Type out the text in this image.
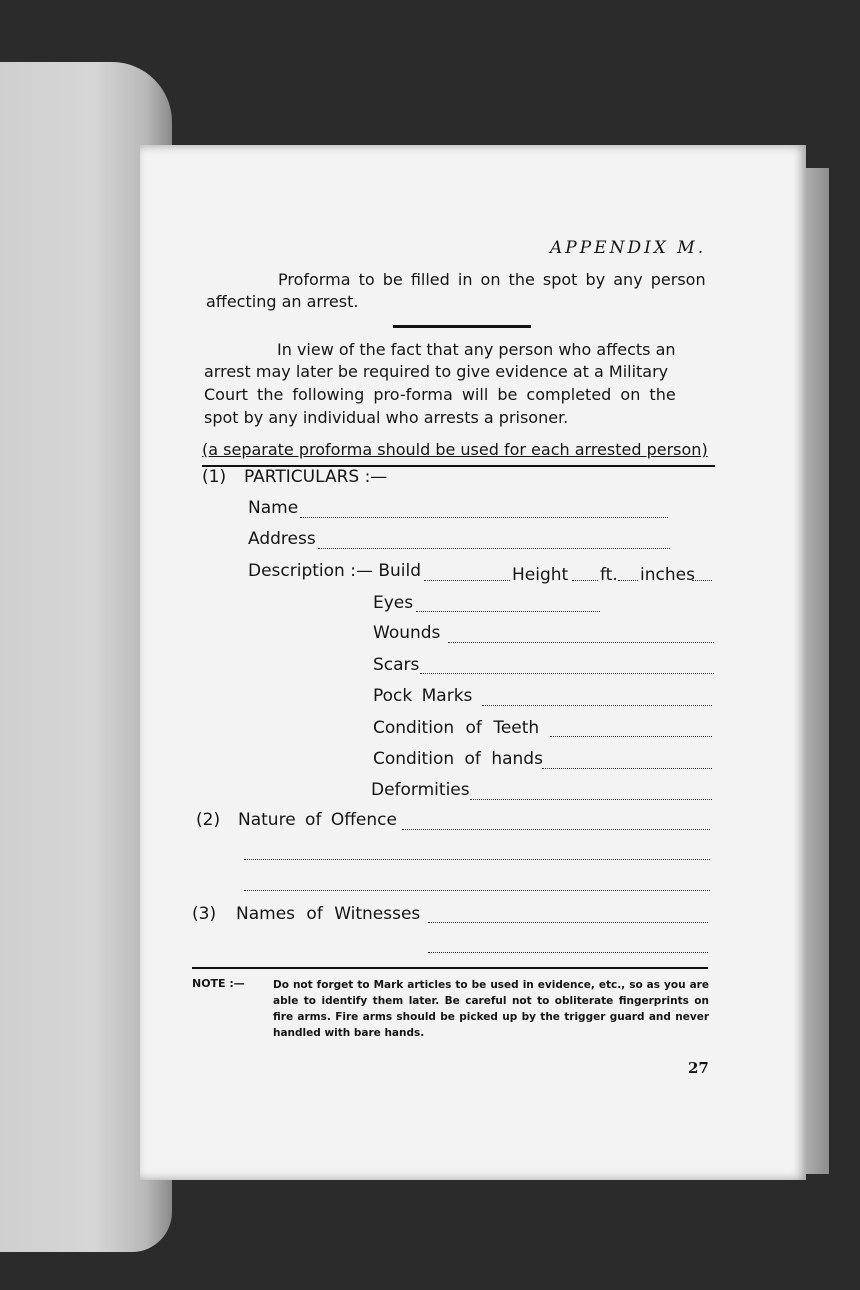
APPENDIX M.
Proforma to be filled in on the spot by any person
affecting an arrest.
In view of the fact that any person who affects an
arrest may later be required to give evidence at a Military
Court the following pro-forma will be completed on the
spot by any individual who arrests a prisoner.
(a separate proforma should be used for each arrested person)
(1) PARTICULARS :—
Name
Address
Description :— Build	Height ft. inches
Eyes
Wounds
Scars
Pock Marks
Condition of Teeth
Condition of hands
Deformities
(2) Nature of Offence
(3) Names of Witnesses
NOTE :—	Do not forget to Mark articles to be used in evidence, etc., so as you are able to identify them later. Be careful not to obliterate fingerprints on fire arms. Fire arms should be picked up by the trigger guard and never handled with bare hands.
27
